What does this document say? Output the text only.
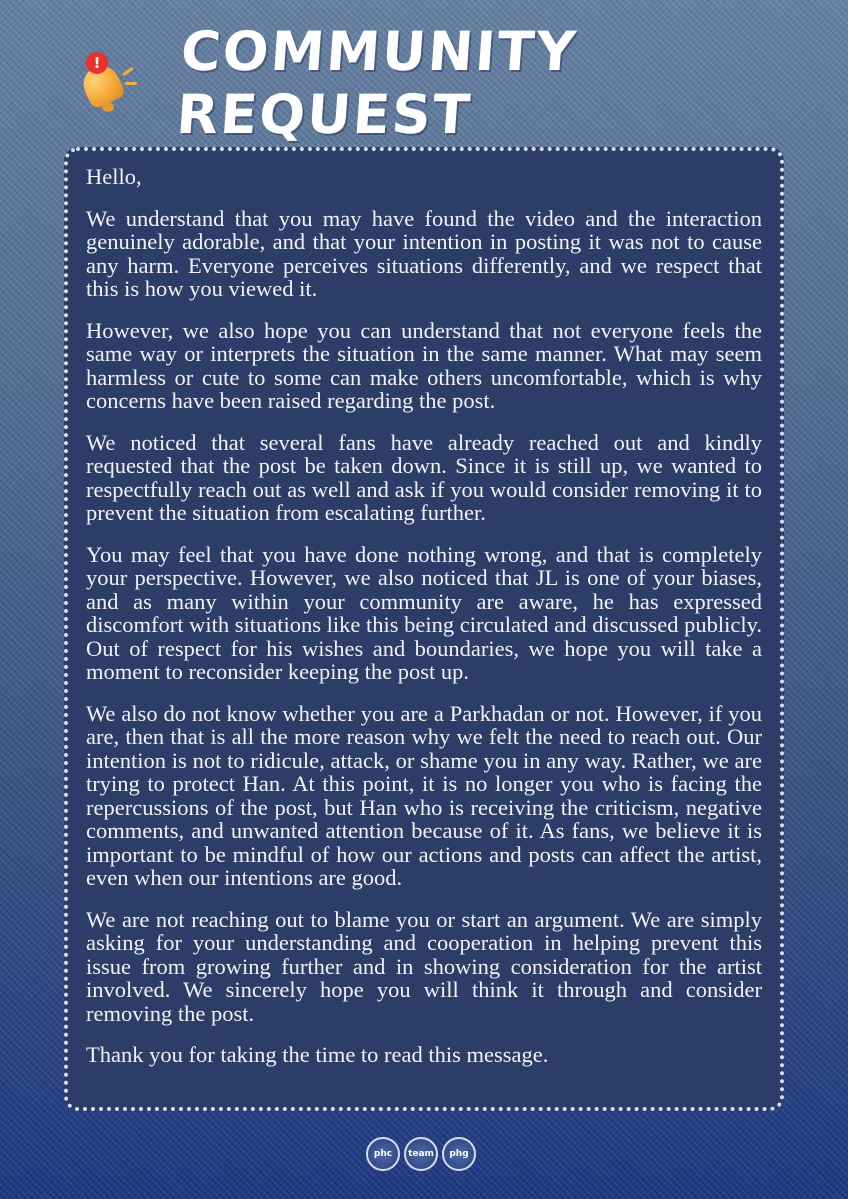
! COMMUNITY REQUEST

Hello,

We understand that you may have found the video and the interaction genuinely adorable, and that your intention in posting it was not to cause any harm. Everyone perceives situations differently, and we respect that this is how you viewed it.

However, we also hope you can understand that not everyone feels the same way or interprets the situation in the same manner. What may seem harmless or cute to some can make others uncomfortable, which is why concerns have been raised regarding the post.

We noticed that several fans have already reached out and kindly requested that the post be taken down. Since it is still up, we wanted to respectfully reach out as well and ask if you would consider removing it to prevent the situation from escalating further.

You may feel that you have done nothing wrong, and that is completely your perspective. However, we also noticed that JL is one of your biases, and as many within your community are aware, he has expressed discomfort with situations like this being circulated and discussed publicly. Out of respect for his wishes and boundaries, we hope you will take a moment to reconsider keeping the post up.

We also do not know whether you are a Parkhadan or not. However, if you are, then that is all the more reason why we felt the need to reach out. Our intention is not to ridicule, attack, or shame you in any way. Rather, we are trying to protect Han. At this point, it is no longer you who is facing the repercussions of the post, but Han who is receiving the criticism, negative comments, and unwanted attention because of it. As fans, we believe it is important to be mindful of how our actions and posts can affect the artist, even when our intentions are good.

We are not reaching out to blame you or start an argument. We are simply asking for your understanding and cooperation in helping prevent this issue from growing further and in showing consideration for the artist involved. We sincerely hope you will think it through and consider removing the post.

Thank you for taking the time to read this message.

phc	team	phg
